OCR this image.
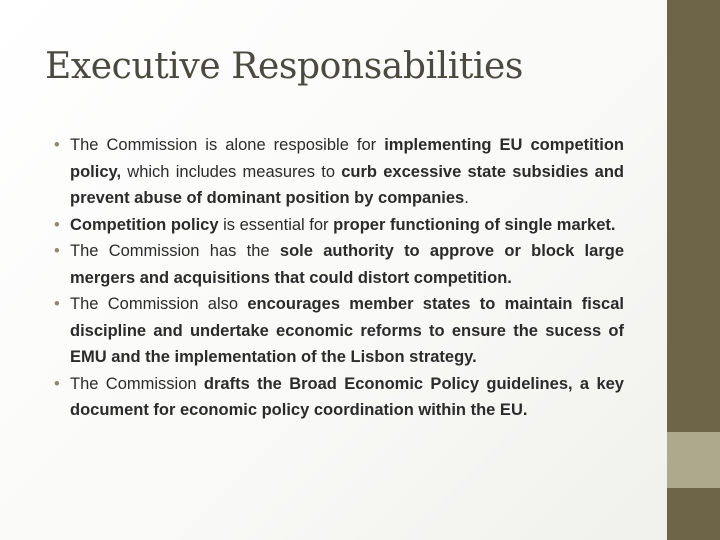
Executive Responsabilities
• The Commission is alone resposible for implementing EU competition policy, which includes measures to curb excessive state subsidies and prevent abuse of dominant position by companies.
• Competition policy is essential for proper functioning of single market.
• The Commission has the sole authority to approve or block large mergers and acquisitions that could distort competition.
• The Commission also encourages member states to maintain fiscal discipline and undertake economic reforms to ensure the sucess of EMU and the implementation of the Lisbon strategy.
• The Commission drafts the Broad Economic Policy guidelines, a key document for economic policy coordination within the EU.
